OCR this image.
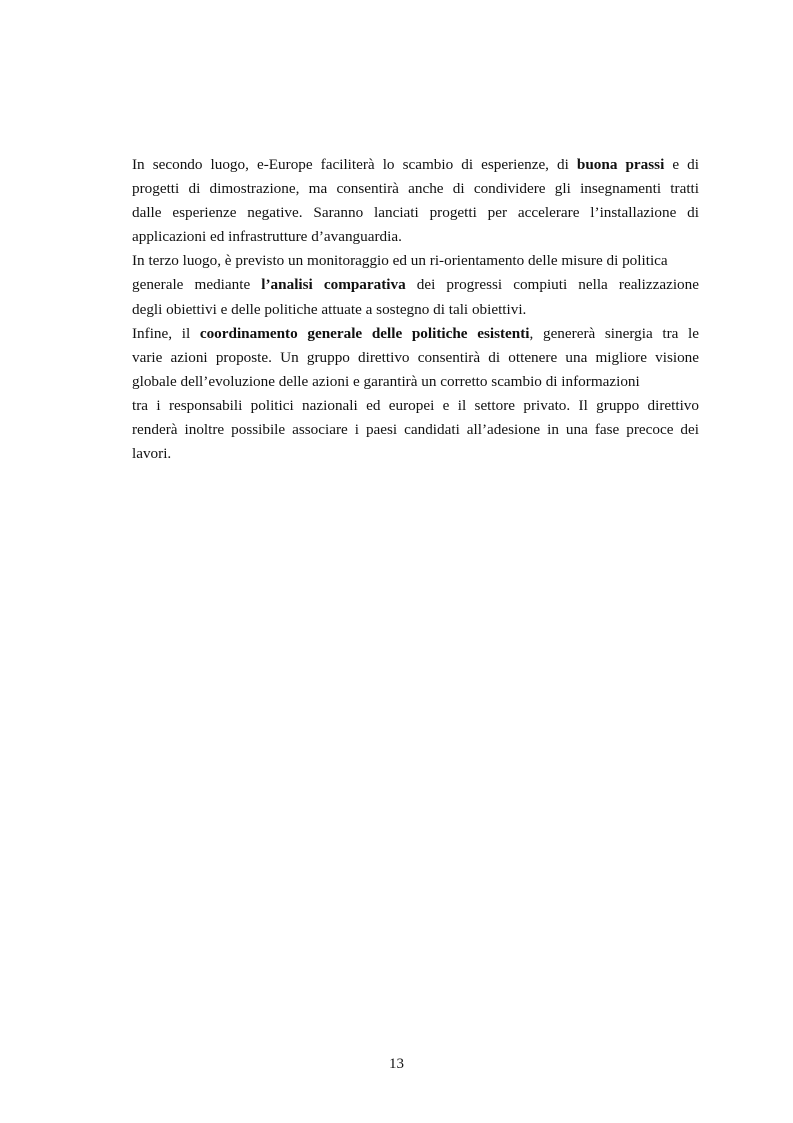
In secondo luogo, e-Europe faciliterà lo scambio di esperienze, di buona prassi e di
progetti di dimostrazione, ma consentirà anche di condividere gli insegnamenti tratti
dalle esperienze negative. Saranno lanciati progetti per accelerare l’installazione di
applicazioni ed infrastrutture d’avanguardia.
In terzo luogo, è previsto un monitoraggio ed un ri-orientamento delle misure di politica
generale mediante l’analisi comparativa dei progressi compiuti nella realizzazione
degli obiettivi e delle politiche attuate a sostegno di tali obiettivi.
Infine, il coordinamento generale delle politiche esistenti, genererà sinergia tra le
varie azioni proposte. Un gruppo direttivo consentirà di ottenere una migliore visione
globale dell’evoluzione delle azioni e garantirà un corretto scambio di informazioni
tra i responsabili politici nazionali ed europei e il settore privato. Il gruppo direttivo
renderà inoltre possibile associare i paesi candidati all’adesione in una fase precoce dei
lavori.
13
